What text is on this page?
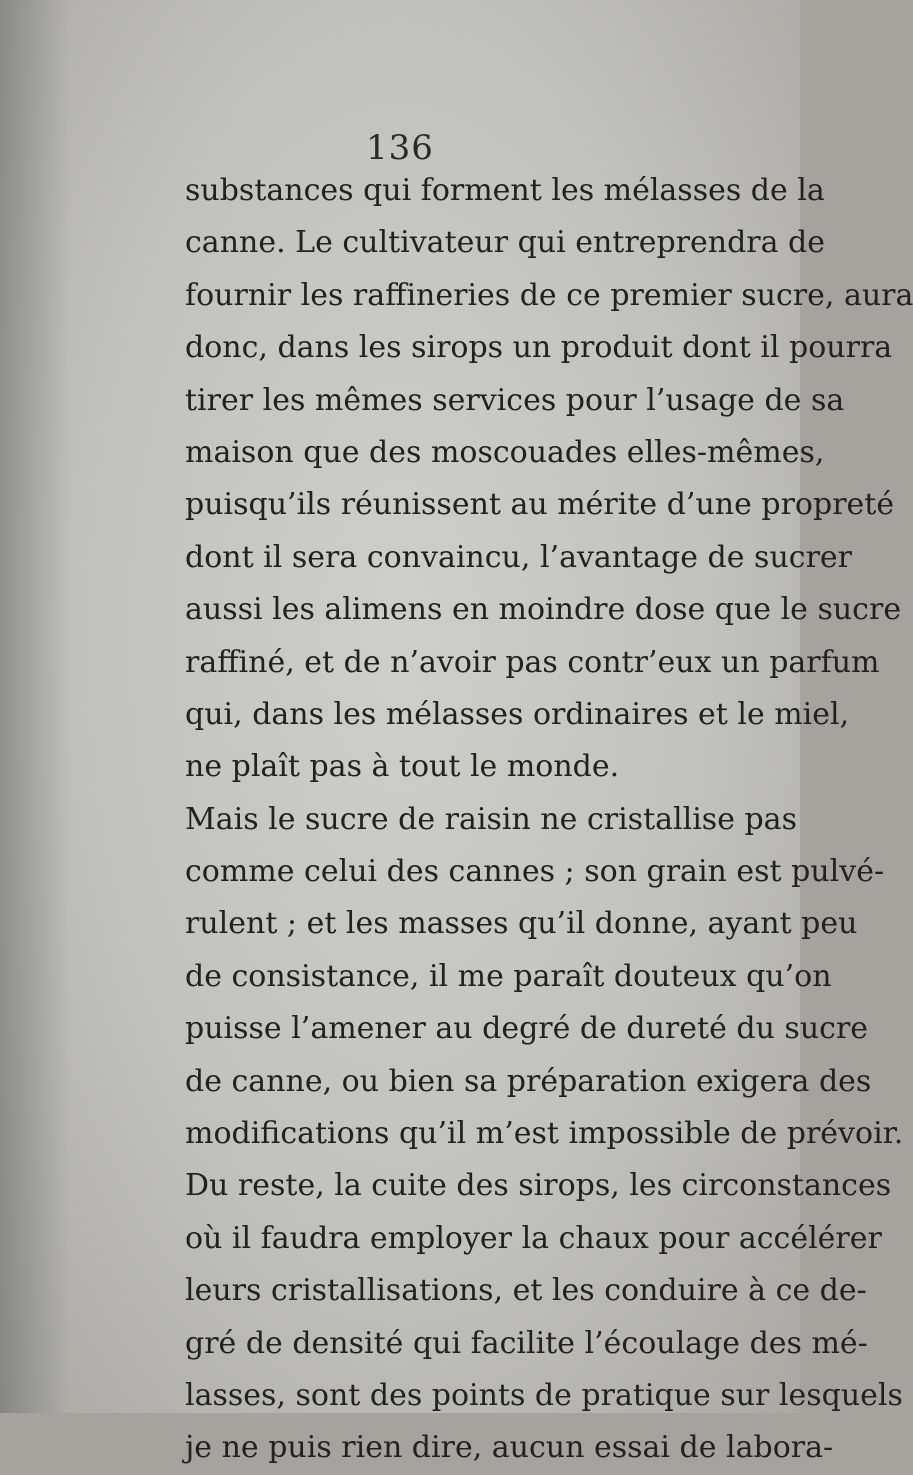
136
substances qui forment les mélasses de la
canne. Le cultivateur qui entreprendra de
fournir les raffineries de ce premier sucre, aura
donc, dans les sirops un produit dont il pourra
tirer les mêmes services pour l’usage de sa
maison que des moscouades elles-mêmes,
puisqu’ils réunissent au mérite d’une propreté
dont il sera convaincu, l’avantage de sucrer
aussi les alimens en moindre dose que le sucre
raffiné, et de n’avoir pas contr’eux un parfum
qui, dans les mélasses ordinaires et le miel,
ne plaît pas à tout le monde.
Mais le sucre de raisin ne cristallise pas
comme celui des cannes ; son grain est pulvé-
rulent ; et les masses qu’il donne, ayant peu
de consistance, il me paraît douteux qu’on
puisse l’amener au degré de dureté du sucre
de canne, ou bien sa préparation exigera des
modifications qu’il m’est impossible de prévoir.
Du reste, la cuite des sirops, les circonstances
où il faudra employer la chaux pour accélérer
leurs cristallisations, et les conduire à ce de-
gré de densité qui facilite l’écoulage des mé-
lasses, sont des points de pratique sur lesquels
je ne puis rien dire, aucun essai de labora-
